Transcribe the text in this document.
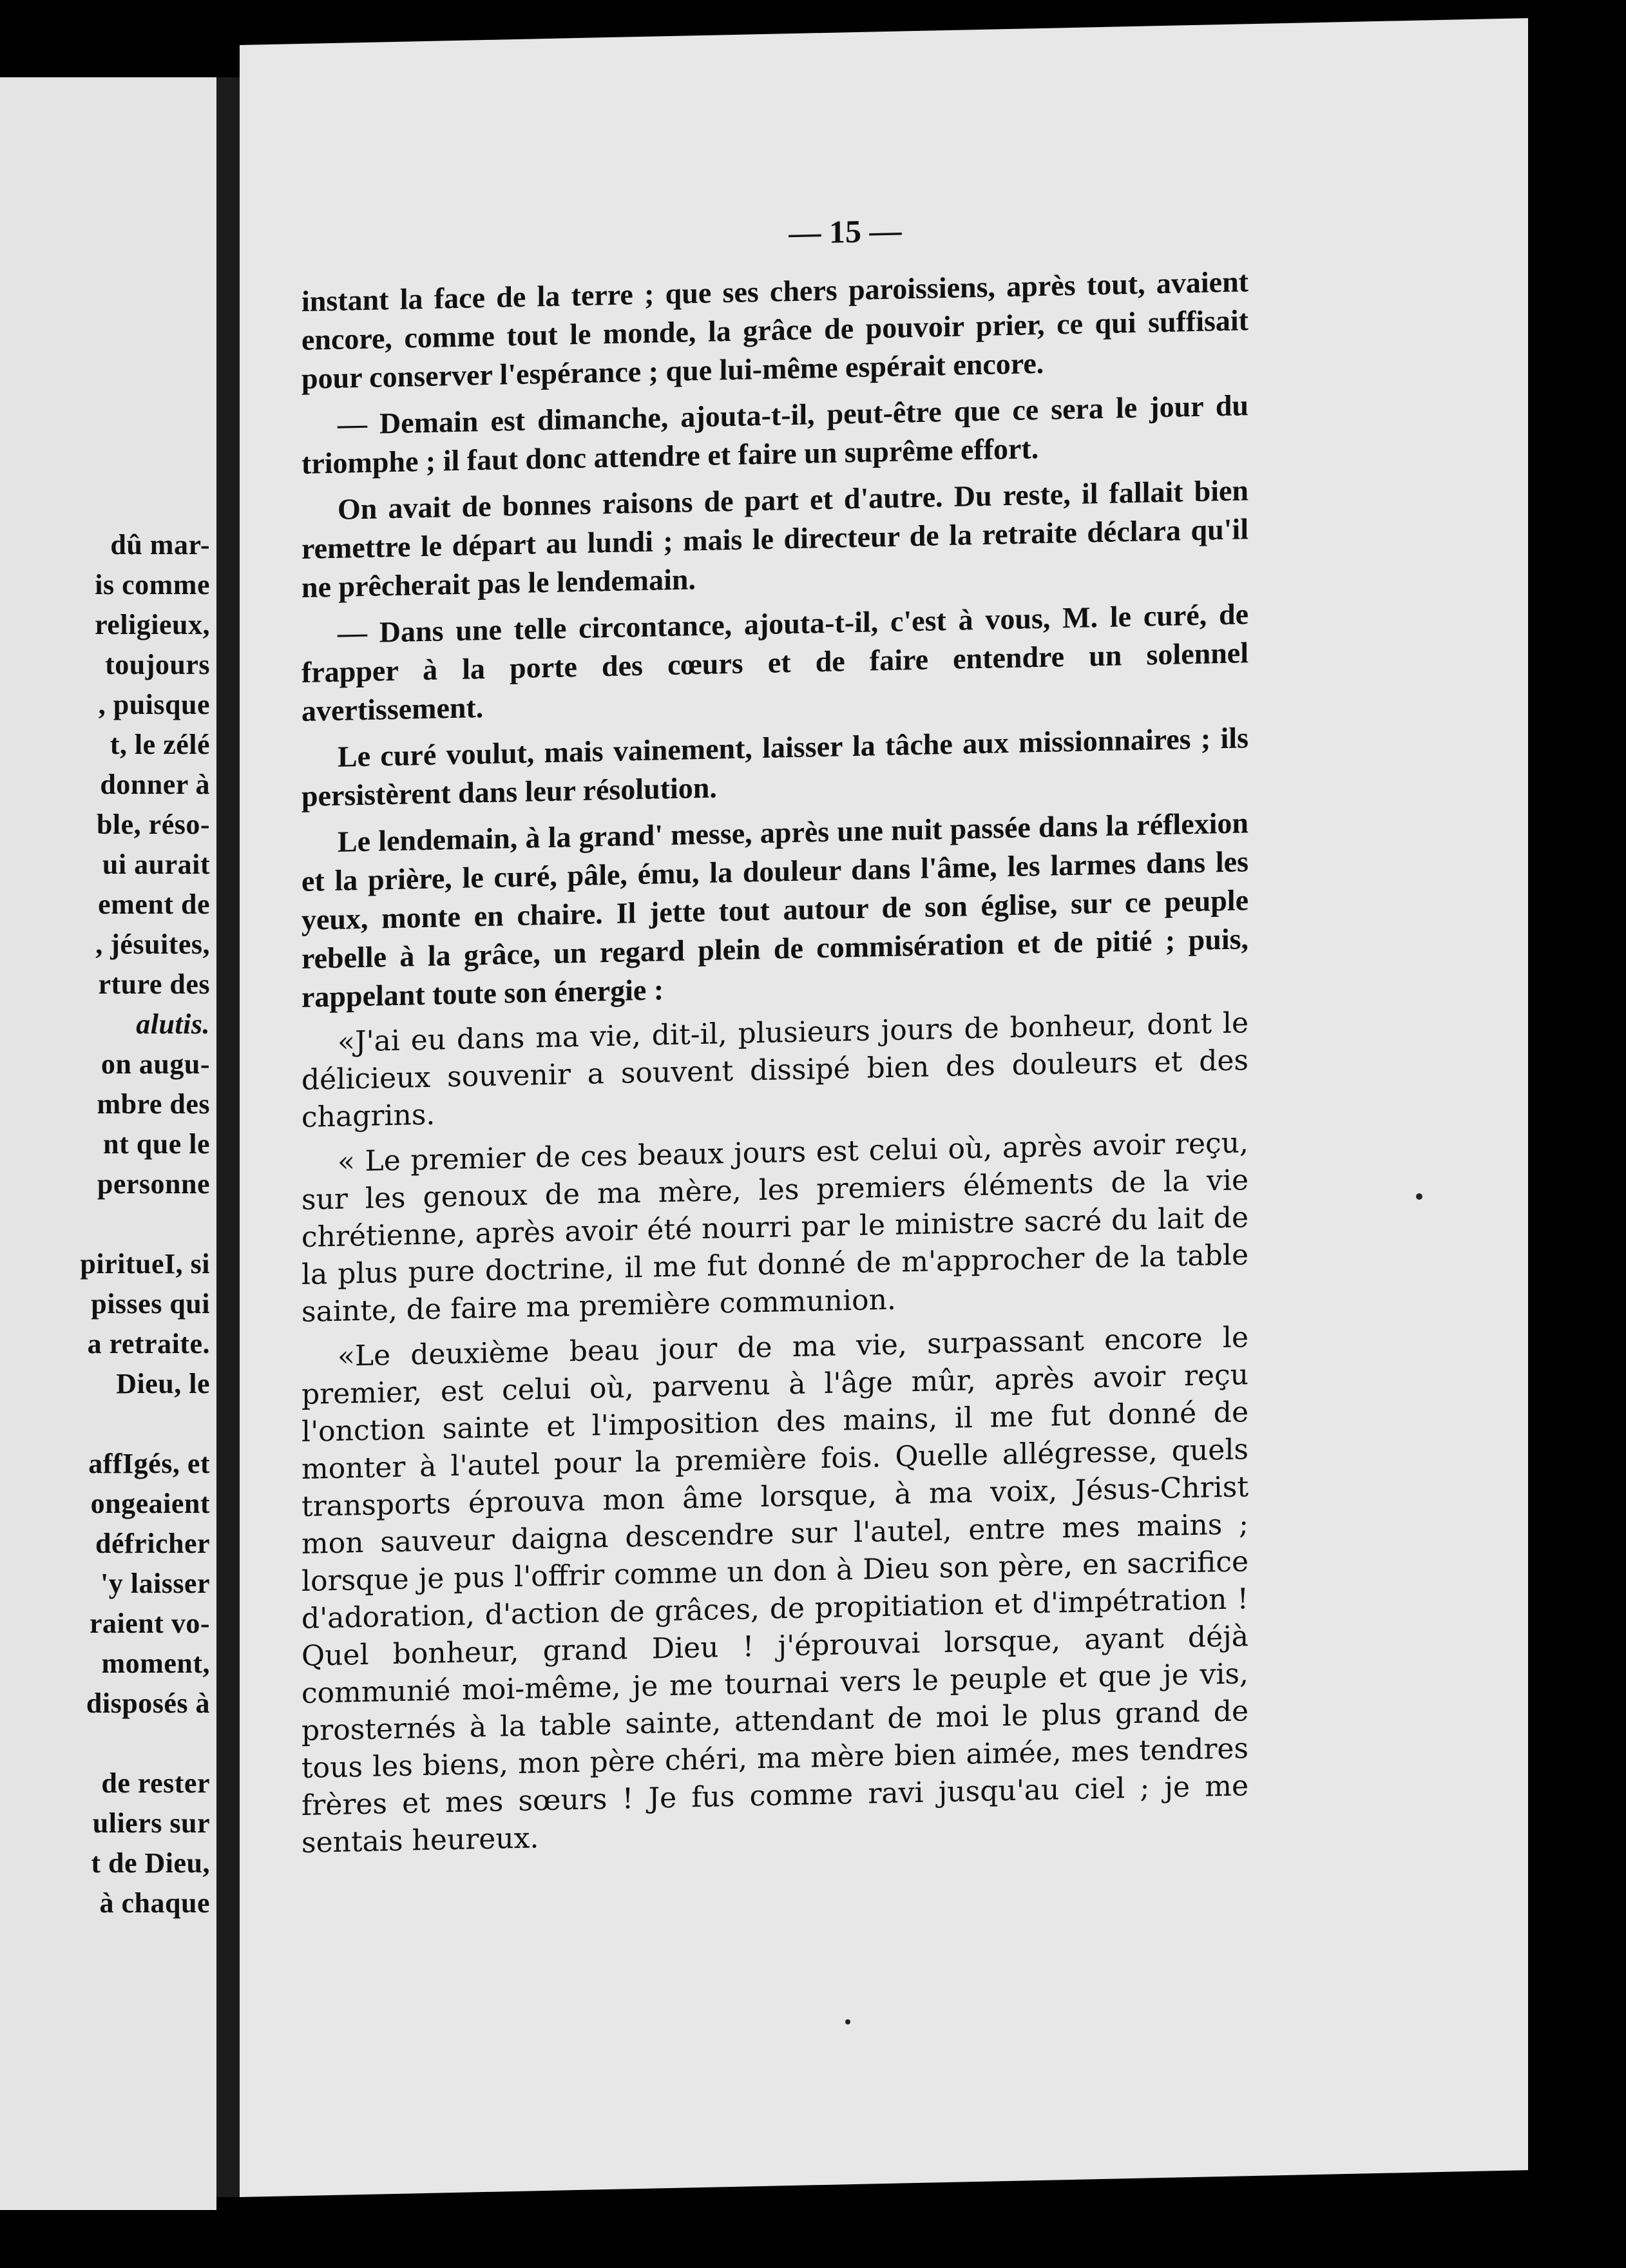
dû mar-
is comme
religieux,
toujours
, puisque
t, le zélé
donner à
ble, réso-
ui aurait
ement de
, jésuites,
rture des
alutis.
on augu-
mbre des
nt que le
personne
piritueI, si
pisses qui
a retraite.
Dieu, le
affIgés, et
ongeaient
défricher
'y laisser
raient vo-
moment,
disposés à
de rester
uliers sur
t de Dieu,
à chaque
— 15 —

instant la face de la terre ; que ses chers paroissiens, après tout, avaient encore, comme tout le monde, la grâce de pouvoir prier, ce qui suffisait pour conserver l'espérance ; que lui-même espérait encore.

— Demain est dimanche, ajouta-t-il, peut-être que ce sera le jour du triomphe ; il faut donc attendre et faire un suprême effort.

On avait de bonnes raisons de part et d'autre. Du reste, il fallait bien remettre le départ au lundi ; mais le directeur de la retraite déclara qu'il ne prêcherait pas le lendemain.

— Dans une telle circontance, ajouta-t-il, c'est à vous, M. le curé, de frapper à la porte des cœurs et de faire entendre un solennel avertissement.

Le curé voulut, mais vainement, laisser la tâche aux missionnaires ; ils persistèrent dans leur résolution.

Le lendemain, à la grand' messe, après une nuit passée dans la réflexion et la prière, le curé, pâle, ému, la douleur dans l'âme, les larmes dans les yeux, monte en chaire. Il jette tout autour de son église, sur ce peuple rebelle à la grâce, un regard plein de commisération et de pitié ; puis, rappelant toute son énergie :

«J'ai eu dans ma vie, dit-il, plusieurs jours de bonheur, dont le délicieux souvenir a souvent dissipé bien des douleurs et des chagrins.

« Le premier de ces beaux jours est celui où, après avoir reçu, sur les genoux de ma mère, les premiers éléments de la vie chrétienne, après avoir été nourri par le ministre sacré du lait de la plus pure doctrine, il me fut donné de m'approcher de la table sainte, de faire ma première communion.

«Le deuxième beau jour de ma vie, surpassant encore le premier, est celui où, parvenu à l'âge mûr, après avoir reçu l'onction sainte et l'imposition des mains, il me fut donné de monter à l'autel pour la première fois. Quelle allégresse, quels transports éprouva mon âme lorsque, à ma voix, Jésus-Christ mon sauveur daigna descendre sur l'autel, entre mes mains ; lorsque je pus l'offrir comme un don à Dieu son père, en sacrifice d'adoration, d'action de grâces, de propitiation et d'impétration ! Quel bonheur, grand Dieu ! j'éprouvai lorsque, ayant déjà communié moi-même, je me tournai vers le peuple et que je vis, prosternés à la table sainte, attendant de moi le plus grand de tous les biens, mon père chéri, ma mère bien aimée, mes tendres frères et mes sœurs ! Je fus comme ravi jusqu'au ciel ; je me sentais heureux.
